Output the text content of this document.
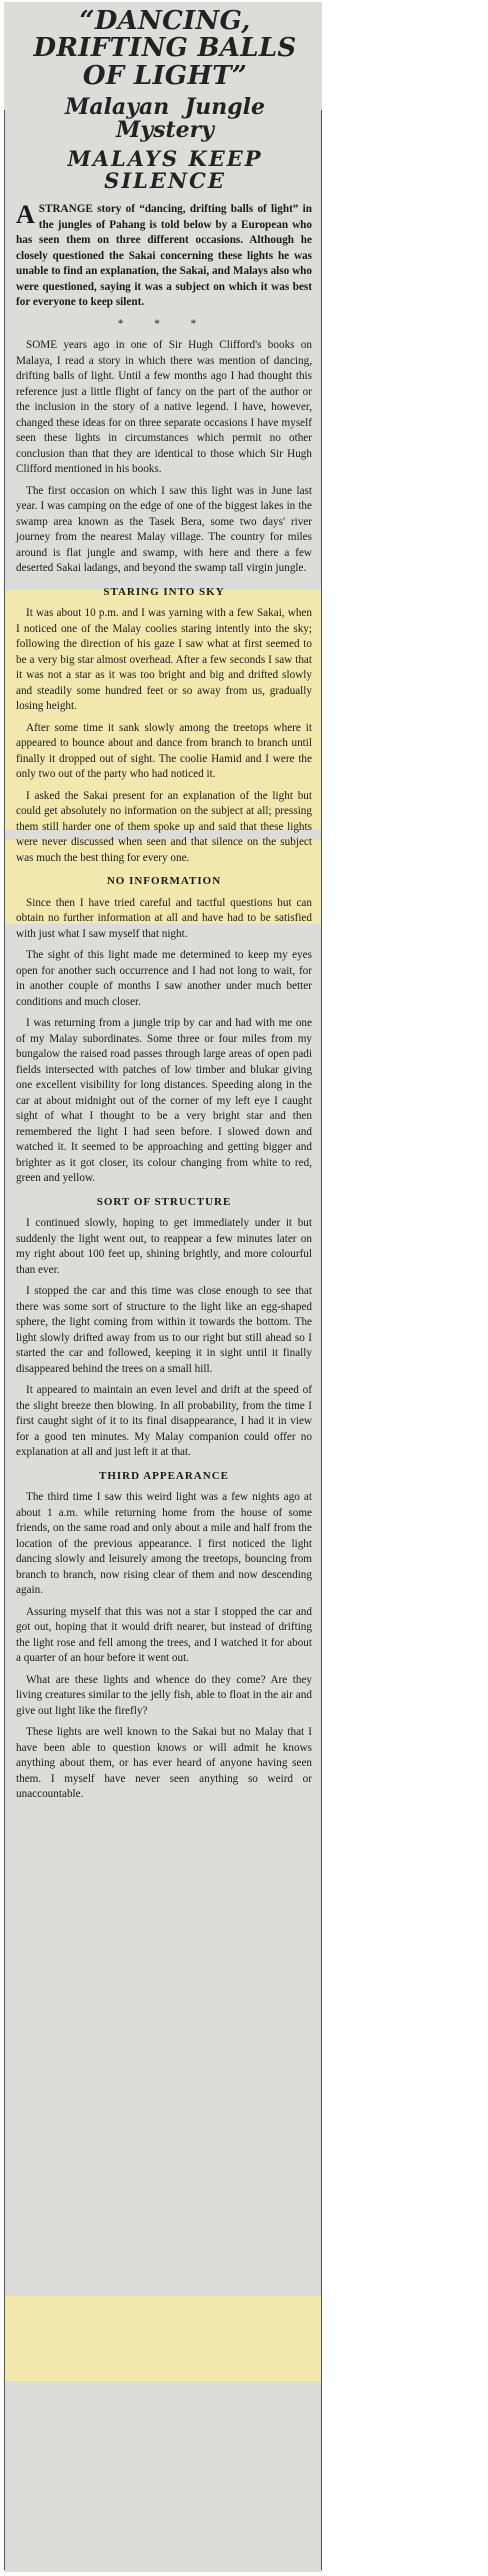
“DANCING, DRIFTING BALLS
OF LIGHT”
Malayan Jungle Mystery
MALAYS KEEP
SILENCE

ASTRANGE story of “dancing, drifting balls of light” in the jungles of Pahang is told below by a European who has seen them on three different occasions. Although he closely questioned the Sakai concerning these lights he was unable to find an explanation, the Sakai, and Malays also who were questioned, saying it was a subject on which it was best for everyone to keep silent.

* * *

SOME years ago in one of Sir Hugh Clifford's books on Malaya, I read a story in which there was mention of dancing, drifting balls of light. Until a few months ago I had thought this reference just a little flight of fancy on the part of the author or the inclusion in the story of a native legend. I have, however, changed these ideas for on three separate occasions I have myself seen these lights in circumstances which permit no other conclusion than that they are identical to those which Sir Hugh Clifford mentioned in his books.

The first occasion on which I saw this light was in June last year. I was camping on the edge of one of the biggest lakes in the swamp area known as the Tasek Bera, some two days' river journey from the nearest Malay village. The country for miles around is flat jungle and swamp, with here and there a few deserted Sakai ladangs, and beyond the swamp tall virgin jungle.

STARING INTO SKY

It was about 10 p.m. and I was yarning with a few Sakai, when I noticed one of the Malay coolies staring intently into the sky; following the direction of his gaze I saw what at first seemed to be a very big star almost overhead. After a few seconds I saw that it was not a star as it was too bright and big and drifted slowly and steadily some hundred feet or so away from us, gradually losing height.

After some time it sank slowly among the treetops where it appeared to bounce about and dance from branch to branch until finally it dropped out of sight. The coolie Hamid and I were the only two out of the party who had noticed it.

I asked the Sakai present for an explanation of the light but could get absolutely no information on the subject at all; pressing them still harder one of them spoke up and said that these lights were never discussed when seen and that silence on the subject was much the best thing for every one.

NO INFORMATION

Since then I have tried careful and tactful questions but can obtain no further information at all and have had to be satisfied with just what I saw myself that night.

The sight of this light made me determined to keep my eyes open for another such occurrence and I had not long to wait, for in another couple of months I saw another under much better conditions and much closer.

I was returning from a jungle trip by car and had with me one of my Malay subordinates. Some three or four miles from my bungalow the raised road passes through large areas of open padi fields intersected with patches of low timber and blukar giving one excellent visibility for long distances. Speeding along in the car at about midnight out of the corner of my left eye I caught sight of what I thought to be a very bright star and then remembered the light I had seen before. I slowed down and watched it. It seemed to be approaching and getting bigger and brighter as it got closer, its colour changing from white to red, green and yellow.

SORT OF STRUCTURE

I continued slowly, hoping to get immediately under it but suddenly the light went out, to reappear a few minutes later on my right about 100 feet up, shining brightly, and more colourful than ever.

I stopped the car and this time was close enough to see that there was some sort of structure to the light like an egg-shaped sphere, the light coming from within it towards the bottom. The light slowly drifted away from us to our right but still ahead so I started the car and followed, keeping it in sight until it finally disappeared behind the trees on a small hill.

It appeared to maintain an even level and drift at the speed of the slight breeze then blowing. In all probability, from the time I first caught sight of it to its final disappearance, I had it in view for a good ten minutes. My Malay companion could offer no explanation at all and just left it at that.

THIRD APPEARANCE

The third time I saw this weird light was a few nights ago at about 1 a.m. while returning home from the house of some friends, on the same road and only about a mile and half from the location of the previous appearance. I first noticed the light dancing slowly and leisurely among the treetops, bouncing from branch to branch, now rising clear of them and now descending again.

Assuring myself that this was not a star I stopped the car and got out, hoping that it would drift nearer, but instead of drifting the light rose and fell among the trees, and I watched it for about a quarter of an hour before it went out.

What are these lights and whence do they come? Are they living creatures similar to the jelly fish, able to float in the air and give out light like the firefly?

These lights are well known to the Sakai but no Malay that I have been able to question knows or will admit he knows anything about them, or has ever heard of anyone having seen them. I myself have never seen anything so weird or unaccountable.
